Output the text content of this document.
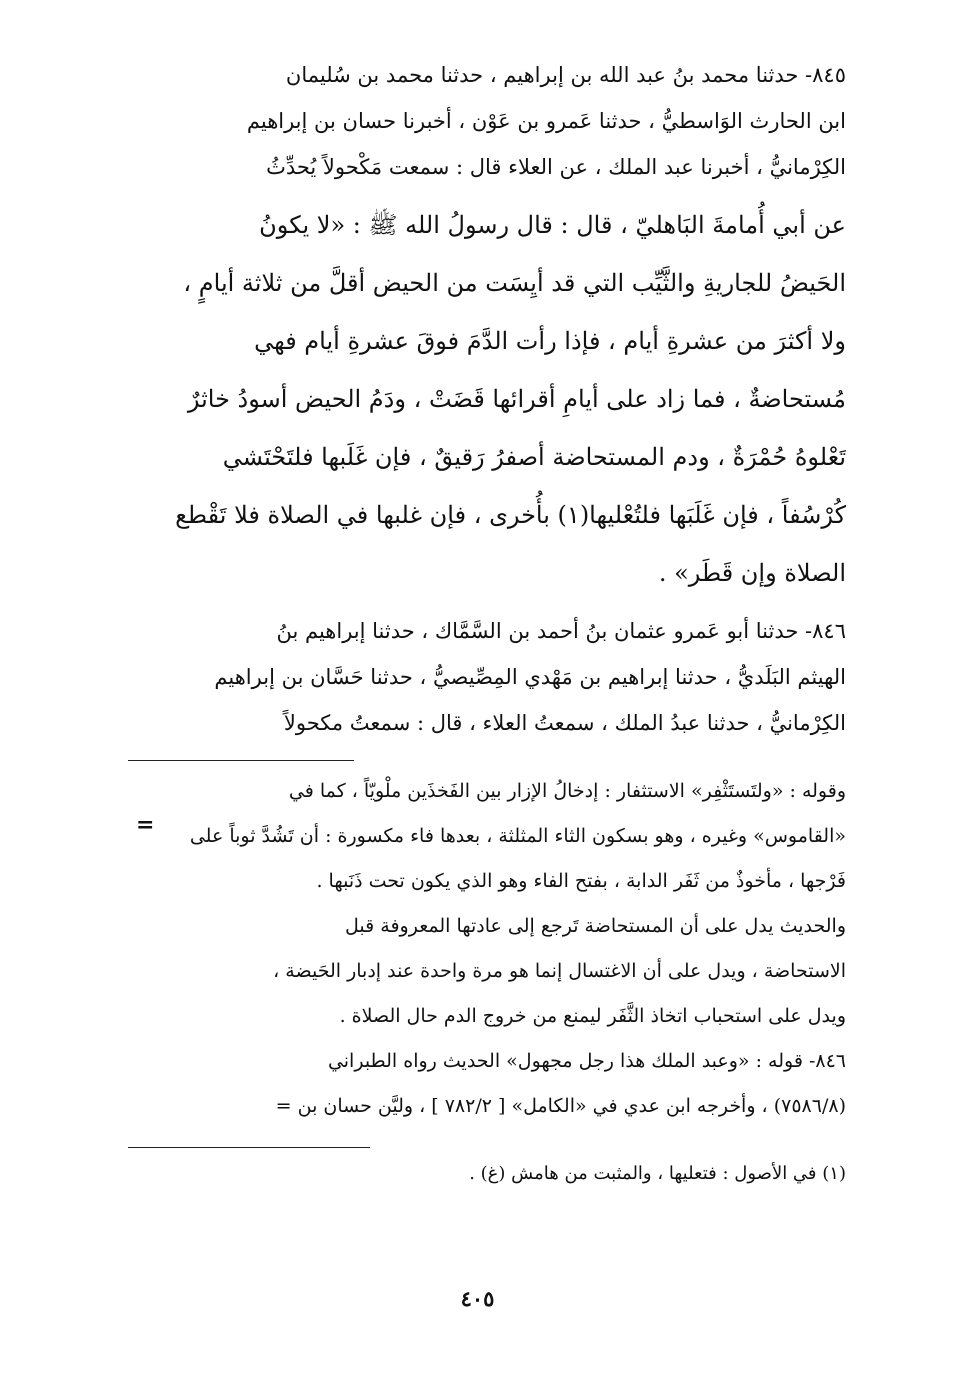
٨٤٥- حدثنا محمد بنُ عبد الله بن إبراهيم ، حدثنا محمد بن سُليمان

ابن الحارث الوَاسطيُّ ، حدثنا عَمرو بن عَوْن ، أخبرنا حسان بن إبراهيم

الكِرْمانيُّ ، أخبرنا عبد الملك ، عن العلاء قال : سمعت مَكْحولاً يُحدِّثُ

عن أبي أُمامةَ البَاهليّ ، قال : قال رسولُ الله ﷺ : «لا يكونُ

الحَيضُ للجاريةِ والثَّيِّب التي قد أيِسَت من الحيض أقلَّ من ثلاثة أيامٍ ،

ولا أكثرَ من عشرةِ أيام ، فإذا رأت الدَّمَ فوقَ عشرةِ أيام فهي

مُستحاضةٌ ، فما زاد على أيامِ أقرائها قَضَتْ ، ودَمُ الحيض أسودُ خاثرٌ

تَعْلوهُ حُمْرَةٌ ، ودم المستحاضة أصفرُ رَقيقٌ ، فإن غَلَبها فلتَحْتَشي

كُرْسُفاً ، فإن غَلَبَها فلتُعْليها(١) بأُخرى ، فإن غلبها في الصلاة فلا تَقْطع

الصلاة وإن قَطَر» .

٨٤٦- حدثنا أبو عَمرو عثمان بنُ أحمد بن السَّمَّاك ، حدثنا إبراهيم بنُ

الهيثم البَلَديُّ ، حدثنا إبراهيم بن مَهْدي المِصِّيصيُّ ، حدثنا حَسَّان بن إبراهيم

الكِرْمانيُّ ، حدثنا عبدُ الملك ، سمعتُ العلاء ، قال : سمعتُ مكحولاً

وقوله : «ولتَستَثْفِر» الاستثفار : إدخالُ الإزار بين الفَخذَين ملْويّاً ، كما في

«القاموس» وغيره ، وهو بسكون الثاء المثلثة ، بعدها فاء مكسورة : أن تَشُدَّ ثوباً على

فَرْجها ، مأخوذٌ من ثَفَر الدابة ، بفتح الفاء وهو الذي يكون تحت ذَنَبها .

والحديث يدل على أن المستحاضة تَرجع إلى عادتها المعروفة قبل

الاستحاضة ، ويدل على أن الاغتسال إنما هو مرة واحدة عند إدبار الحَيضة ،

ويدل على استحباب اتخاذ الثَّفَر ليمنع من خروج الدم حال الصلاة .

٨٤٦- قوله : «وعبد الملك هذا رجل مجهول» الحديث رواه الطبراني

(٧٥٨٦/٨) ، وأخرجه ابن عدي في «الكامل» [ ٧٨٢/٢ ] ، وليَّن حسان بن =

(١) في الأصول : فتعليها ، والمثبت من هامش (غ) .

=
٤٠٥
